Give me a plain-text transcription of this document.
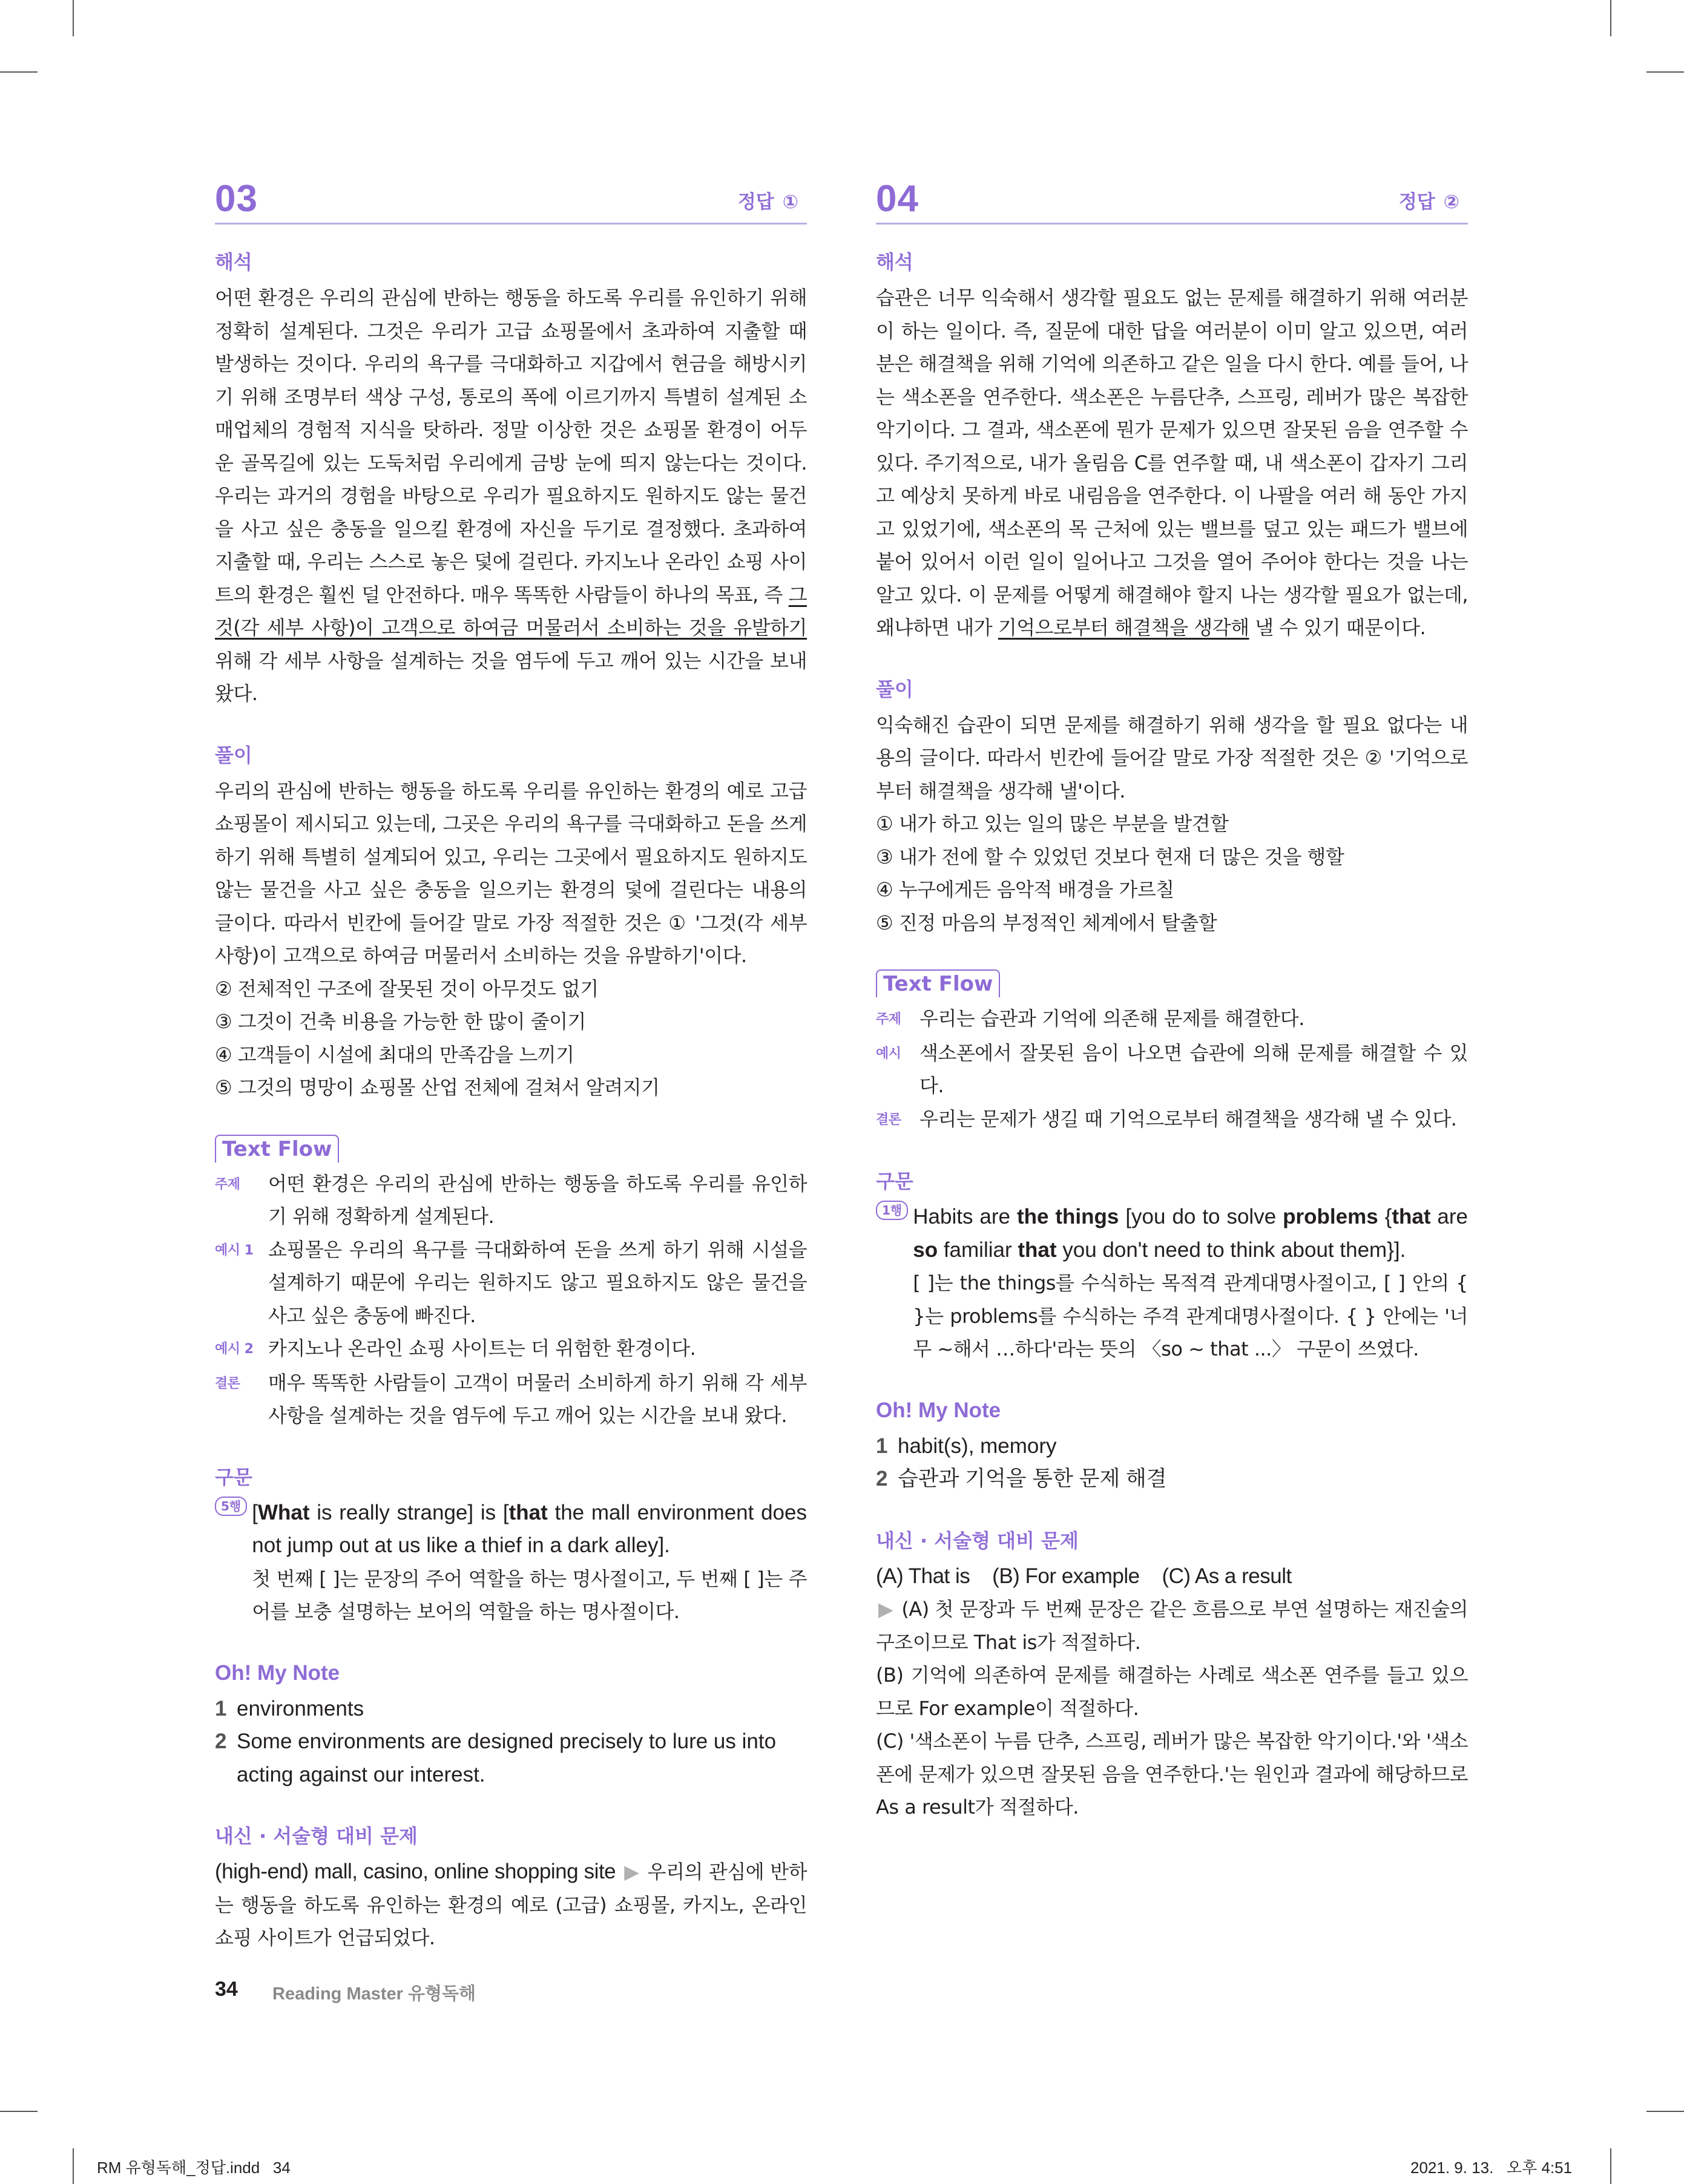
03	정답 ①
해석

어떤 환경은 우리의 관심에 반하는 행동을 하도록 우리를 유인하기 위해 정확히 설계된다. 그것은 우리가 고급 쇼핑몰에서 초과하여 지출할 때 발생하는 것이다. 우리의 욕구를 극대화하고 지갑에서 현금을 해방시키기 위해 조명부터 색상 구성, 통로의 폭에 이르기까지 특별히 설계된 소매업체의 경험적 지식을 탓하라. 정말 이상한 것은 쇼핑몰 환경이 어두운 골목길에 있는 도둑처럼 우리에게 금방 눈에 띄지 않는다는 것이다. 우리는 과거의 경험을 바탕으로 우리가 필요하지도 원하지도 않는 물건을 사고 싶은 충동을 일으킬 환경에 자신을 두기로 결정했다. 초과하여 지출할 때, 우리는 스스로 놓은 덫에 걸린다. 카지노나 온라인 쇼핑 사이트의 환경은 훨씬 덜 안전하다. 매우 똑똑한 사람들이 하나의 목표, 즉 그것(각 세부 사항)이 고객으로 하여금 머물러서 소비하는 것을 유발하기 위해 각 세부 사항을 설계하는 것을 염두에 두고 깨어 있는 시간을 보내 왔다.

풀이

우리의 관심에 반하는 행동을 하도록 우리를 유인하는 환경의 예로 고급 쇼핑몰이 제시되고 있는데, 그곳은 우리의 욕구를 극대화하고 돈을 쓰게 하기 위해 특별히 설계되어 있고, 우리는 그곳에서 필요하지도 원하지도 않는 물건을 사고 싶은 충동을 일으키는 환경의 덫에 걸린다는 내용의 글이다. 따라서 빈칸에 들어갈 말로 가장 적절한 것은 ① '그것(각 세부 사항)이 고객으로 하여금 머물러서 소비하는 것을 유발하기'이다.

② 전체적인 구조에 잘못된 것이 아무것도 없기

③ 그것이 건축 비용을 가능한 한 많이 줄이기

④ 고객들이 시설에 최대의 만족감을 느끼기

⑤ 그것의 명망이 쇼핑몰 산업 전체에 걸쳐서 알려지기

Text Flow
주제	어떤 환경은 우리의 관심에 반하는 행동을 하도록 우리를 유인하기 위해 정확하게 설계된다.
예시 1 쇼핑몰은 우리의 욕구를 극대화하여 돈을 쓰게 하기 위해 시설을 설계하기 때문에 우리는 원하지도 않고 필요하지도 않은 물건을 사고 싶은 충동에 빠진다.
예시 2 카지노나 온라인 쇼핑 사이트는 더 위험한 환경이다.
결론	매우 똑똑한 사람들이 고객이 머물러 소비하게 하기 위해 각 세부 사항을 설계하는 것을 염두에 두고 깨어 있는 시간을 보내 왔다.
구문
5행 [What is really strange] is [that the mall environment does not jump out at us like a thief in a dark alley].

첫 번째 [ ]는 문장의 주어 역할을 하는 명사절이고, 두 번째 [ ]는 주어를 보충 설명하는 보어의 역할을 하는 명사절이다.

Oh! My Note
1 environments
2 Some environments are designed precisely to lure us into acting against our interest.
내신 · 서술형 대비 문제

(high-end) mall, casino, online shopping site ▶ 우리의 관심에 반하는 행동을 하도록 유인하는 환경의 예로 (고급) 쇼핑몰, 카지노, 온라인 쇼핑 사이트가 언급되었다.

04	정답 ②
해석

습관은 너무 익숙해서 생각할 필요도 없는 문제를 해결하기 위해 여러분이 하는 일이다. 즉, 질문에 대한 답을 여러분이 이미 알고 있으면, 여러분은 해결책을 위해 기억에 의존하고 같은 일을 다시 한다. 예를 들어, 나는 색소폰을 연주한다. 색소폰은 누름단추, 스프링, 레버가 많은 복잡한 악기이다. 그 결과, 색소폰에 뭔가 문제가 있으면 잘못된 음을 연주할 수 있다. 주기적으로, 내가 올림음 C를 연주할 때, 내 색소폰이 갑자기 그리고 예상치 못하게 바로 내림음을 연주한다. 이 나팔을 여러 해 동안 가지고 있었기에, 색소폰의 목 근처에 있는 밸브를 덮고 있는 패드가 밸브에 붙어 있어서 이런 일이 일어나고 그것을 열어 주어야 한다는 것을 나는 알고 있다. 이 문제를 어떻게 해결해야 할지 나는 생각할 필요가 없는데, 왜냐하면 내가 기억으로부터 해결책을 생각해 낼 수 있기 때문이다.

풀이

익숙해진 습관이 되면 문제를 해결하기 위해 생각을 할 필요 없다는 내용의 글이다. 따라서 빈칸에 들어갈 말로 가장 적절한 것은 ② '기억으로부터 해결책을 생각해 낼'이다.

① 내가 하고 있는 일의 많은 부분을 발견할

③ 내가 전에 할 수 있었던 것보다 현재 더 많은 것을 행할

④ 누구에게든 음악적 배경을 가르칠

⑤ 진정 마음의 부정적인 체계에서 탈출할

Text Flow
주제 우리는 습관과 기억에 의존해 문제를 해결한다.
예시 색소폰에서 잘못된 음이 나오면 습관에 의해 문제를 해결할 수 있다.
결론 우리는 문제가 생길 때 기억으로부터 해결책을 생각해 낼 수 있다.
구문
1행 Habits are the things [you do to solve problems {that are so familiar that you don't need to think about them}].

[ ]는 the things를 수식하는 목적격 관계대명사절이고, [ ] 안의 { }는 problems를 수식하는 주격 관계대명사절이다. { } 안에는 '너무 ~해서 …하다'라는 뜻의 〈so ~ that ...〉 구문이 쓰였다.

Oh! My Note
1 habit(s), memory
2 습관과 기억을 통한 문제 해결
내신 · 서술형 대비 문제

(A) That is    (B) For example    (C) As a result

▶ (A) 첫 문장과 두 번째 문장은 같은 흐름으로 부연 설명하는 재진술의 구조이므로 That is가 적절하다.

(B) 기억에 의존하여 문제를 해결하는 사례로 색소폰 연주를 들고 있으므로 For example이 적절하다.

(C) '색소폰이 누름 단추, 스프링, 레버가 많은 복잡한 악기이다.'와 '색소폰에 문제가 있으면 잘못된 음을 연주한다.'는 원인과 결과에 해당하므로 As a result가 적절하다.

34 Reading Master 유형독해
RM 유형독해_정답.indd   34	2021. 9. 13.   오후 4:51
